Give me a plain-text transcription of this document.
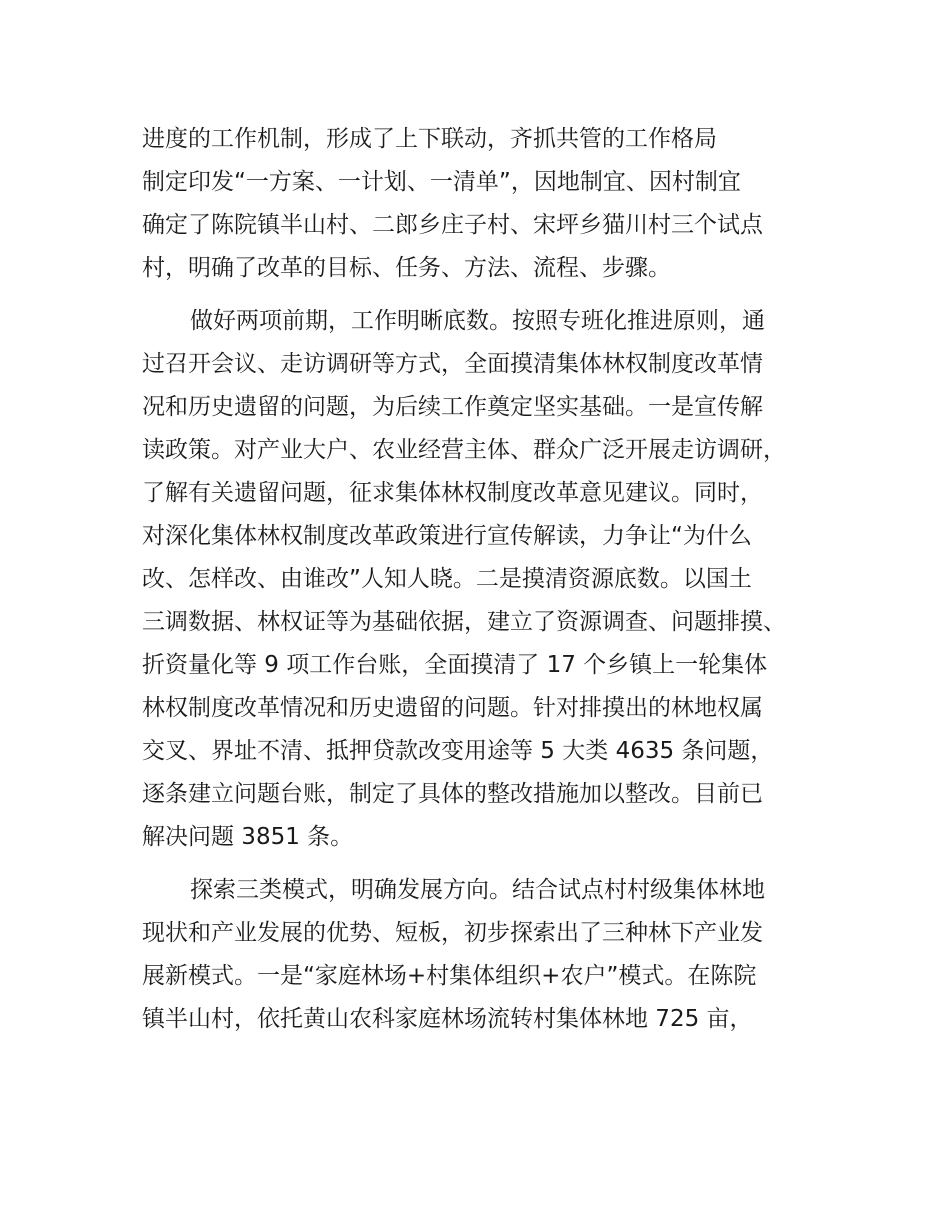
进度的工作机制，形成了上下联动，齐抓共管的工作格局
制定印发“一方案、一计划、一清单”，因地制宜、因村制宜
确定了陈院镇半山村、二郎乡庄子村、宋坪乡猫川村三个试点
村，明确了改革的目标、任务、方法、流程、步骤。
做好两项前期，工作明晰底数。按照专班化推进原则，通
过召开会议、走访调研等方式，全面摸清集体林权制度改革情
况和历史遗留的问题，为后续工作奠定坚实基础。一是宣传解
读政策。对产业大户、农业经营主体、群众广泛开展走访调研，
了解有关遗留问题，征求集体林权制度改革意见建议。同时，
对深化集体林权制度改革政策进行宣传解读，力争让“为什么
改、怎样改、由谁改”人知人晓。二是摸清资源底数。以国土
三调数据、林权证等为基础依据，建立了资源调查、问题排摸、
折资量化等 9 项工作台账，全面摸清了 17 个乡镇上一轮集体
林权制度改革情况和历史遗留的问题。针对排摸出的林地权属
交叉、界址不清、抵押贷款改变用途等 5 大类 4635 条问题，
逐条建立问题台账，制定了具体的整改措施加以整改。目前已
解决问题 3851 条。
探索三类模式，明确发展方向。结合试点村村级集体林地
现状和产业发展的优势、短板，初步探索出了三种林下产业发
展新模式。一是“家庭林场+村集体组织+农户”模式。在陈院
镇半山村，依托黄山农科家庭林场流转村集体林地 725 亩，
